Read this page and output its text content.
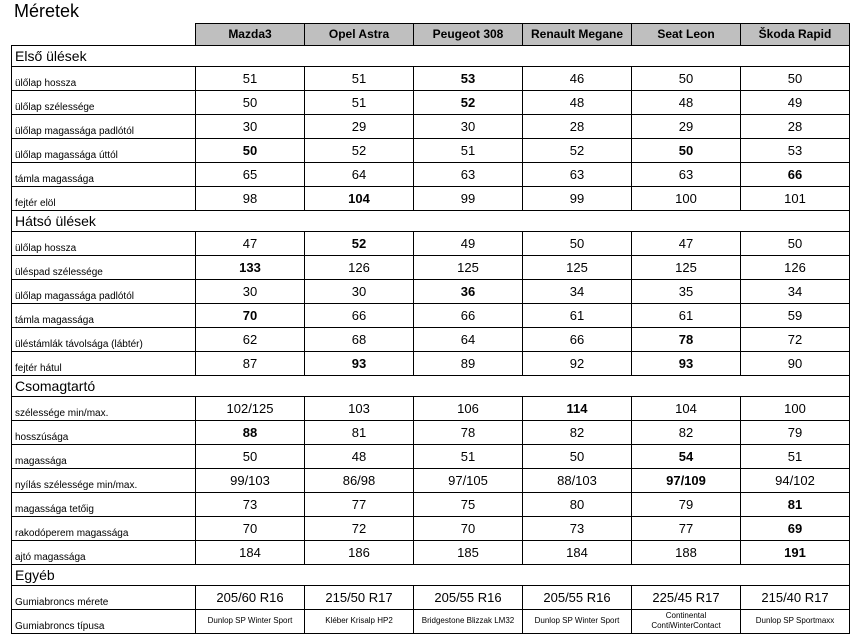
Méretek
	Mazda3	Opel Astra	Peugeot 308	Renault Megane	Seat Leon	Škoda Rapid
Első ülések						
ülőlap hossza	51	51	53	46	50	50
ülőlap szélessége	50	51	52	48	48	49
ülőlap magassága padlótól	30	29	30	28	29	28
ülőlap magassága úttól	50	52	51	52	50	53
támla magassága	65	64	63	63	63	66
fejtér elöl	98	104	99	99	100	101
Hátsó ülések						
ülőlap hossza	47	52	49	50	47	50
üléspad szélessége	133	126	125	125	125	126
ülőlap magassága padlótól	30	30	36	34	35	34
támla magassága	70	66	66	61	61	59
üléstámlák távolsága (lábtér)	62	68	64	66	78	72
fejtér hátul	87	93	89	92	93	90
Csomagtartó						
szélessége min/max.	102/125	103	106	114	104	100
hosszúsága	88	81	78	82	82	79
magassága	50	48	51	50	54	51
nyílás szélessége min/max.	99/103	86/98	97/105	88/103	97/109	94/102
magassága tetőig	73	77	75	80	79	81
rakodóperem magassága	70	72	70	73	77	69
ajtó magassága	184	186	185	184	188	191
Egyéb						
Gumiabroncs mérete	205/60 R16	215/50 R17	205/55 R16	205/55 R16	225/45 R17	215/40 R17
Gumiabroncs típusa	Dunlop SP Winter Sport	Kléber Krisalp HP2	Bridgestone Blizzak LM32	Dunlop SP Winter Sport	Continental ContiWinterContact	Dunlop SP Sportmaxx
